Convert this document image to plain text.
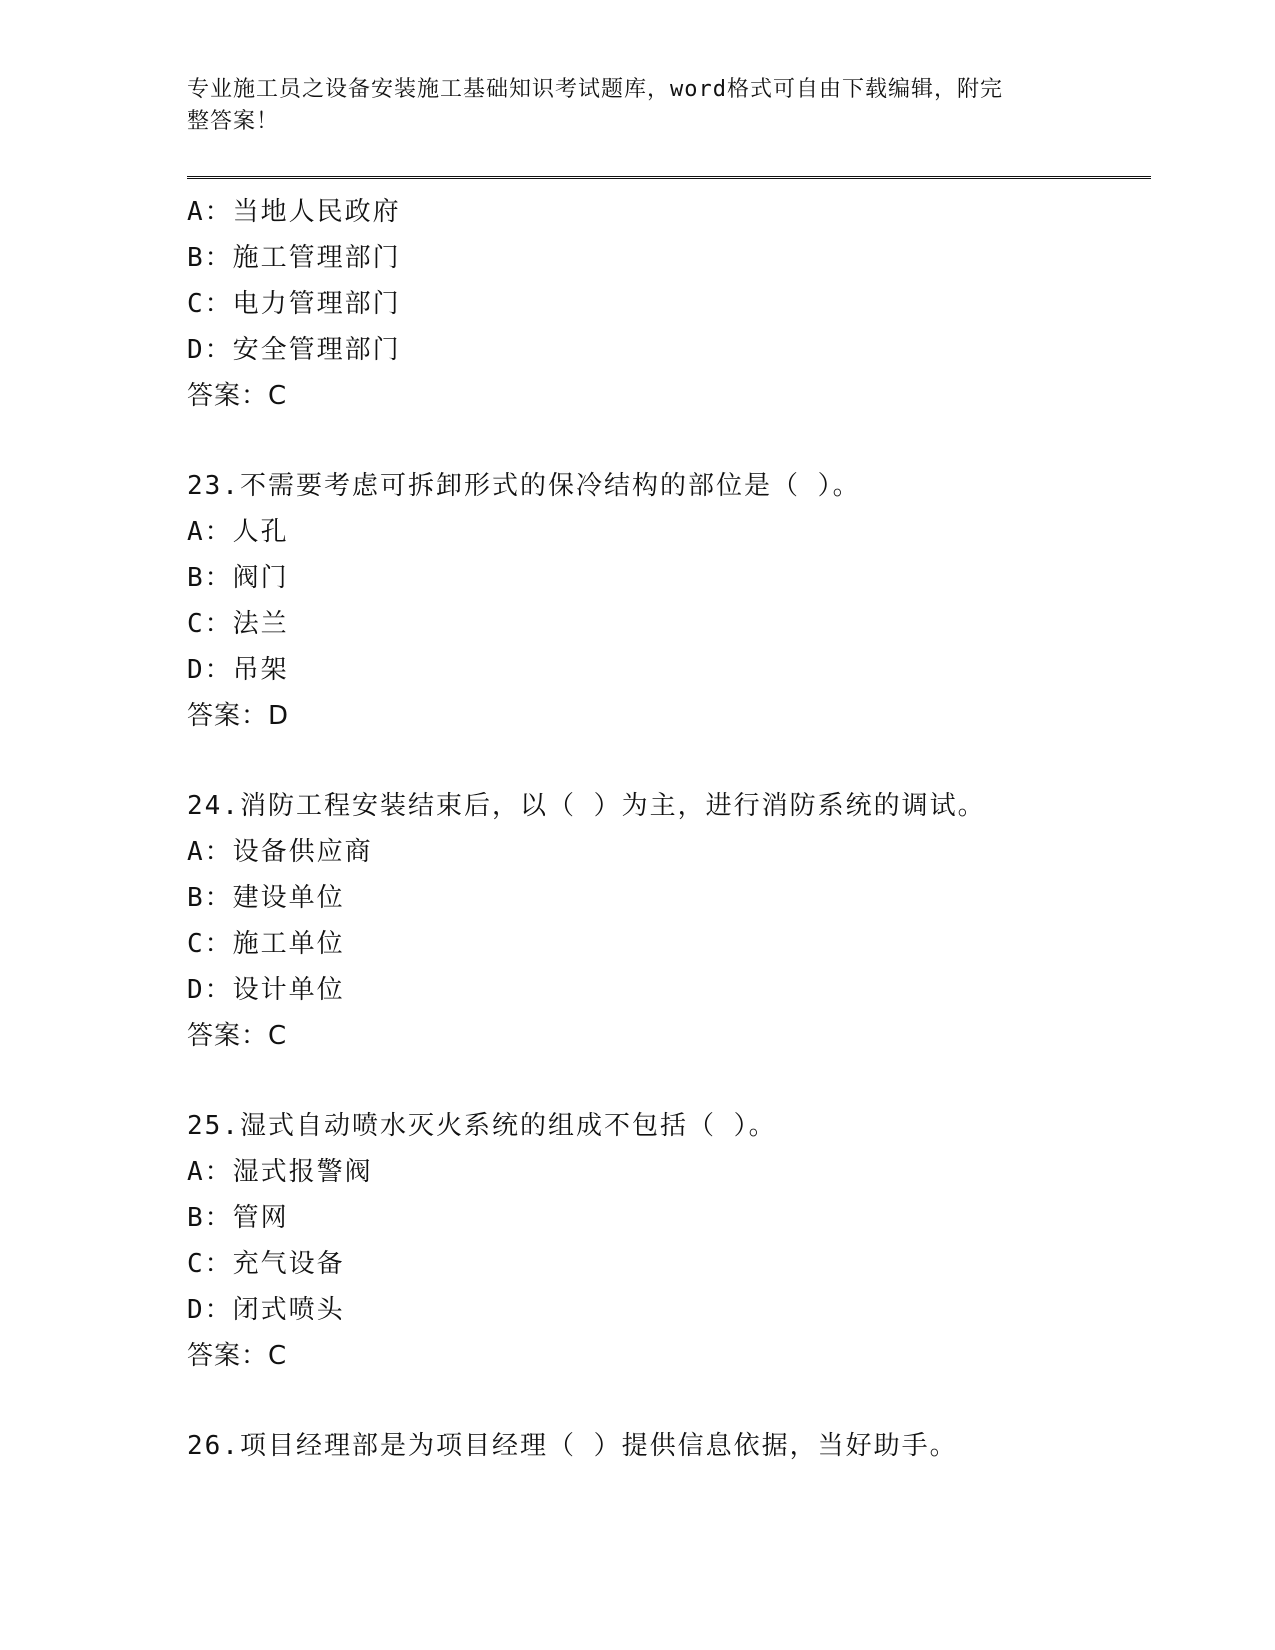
专业施工员之设备安装施工基础知识考试题库，word格式可自由下载编辑，附完
整答案！
A：当地人民政府
B：施工管理部门
C：电力管理部门
D：安全管理部门
答案：C
23.不需要考虑可拆卸形式的保冷结构的部位是（ ）。
A：人孔
B：阀门
C：法兰
D：吊架
答案：D
24.消防工程安装结束后，以（ ）为主，进行消防系统的调试。
A：设备供应商
B：建设单位
C：施工单位
D：设计单位
答案：C
25.湿式自动喷水灭火系统的组成不包括（ ）。
A：湿式报警阀
B：管网
C：充气设备
D：闭式喷头
答案：C
26.项目经理部是为项目经理（ ）提供信息依据，当好助手。
